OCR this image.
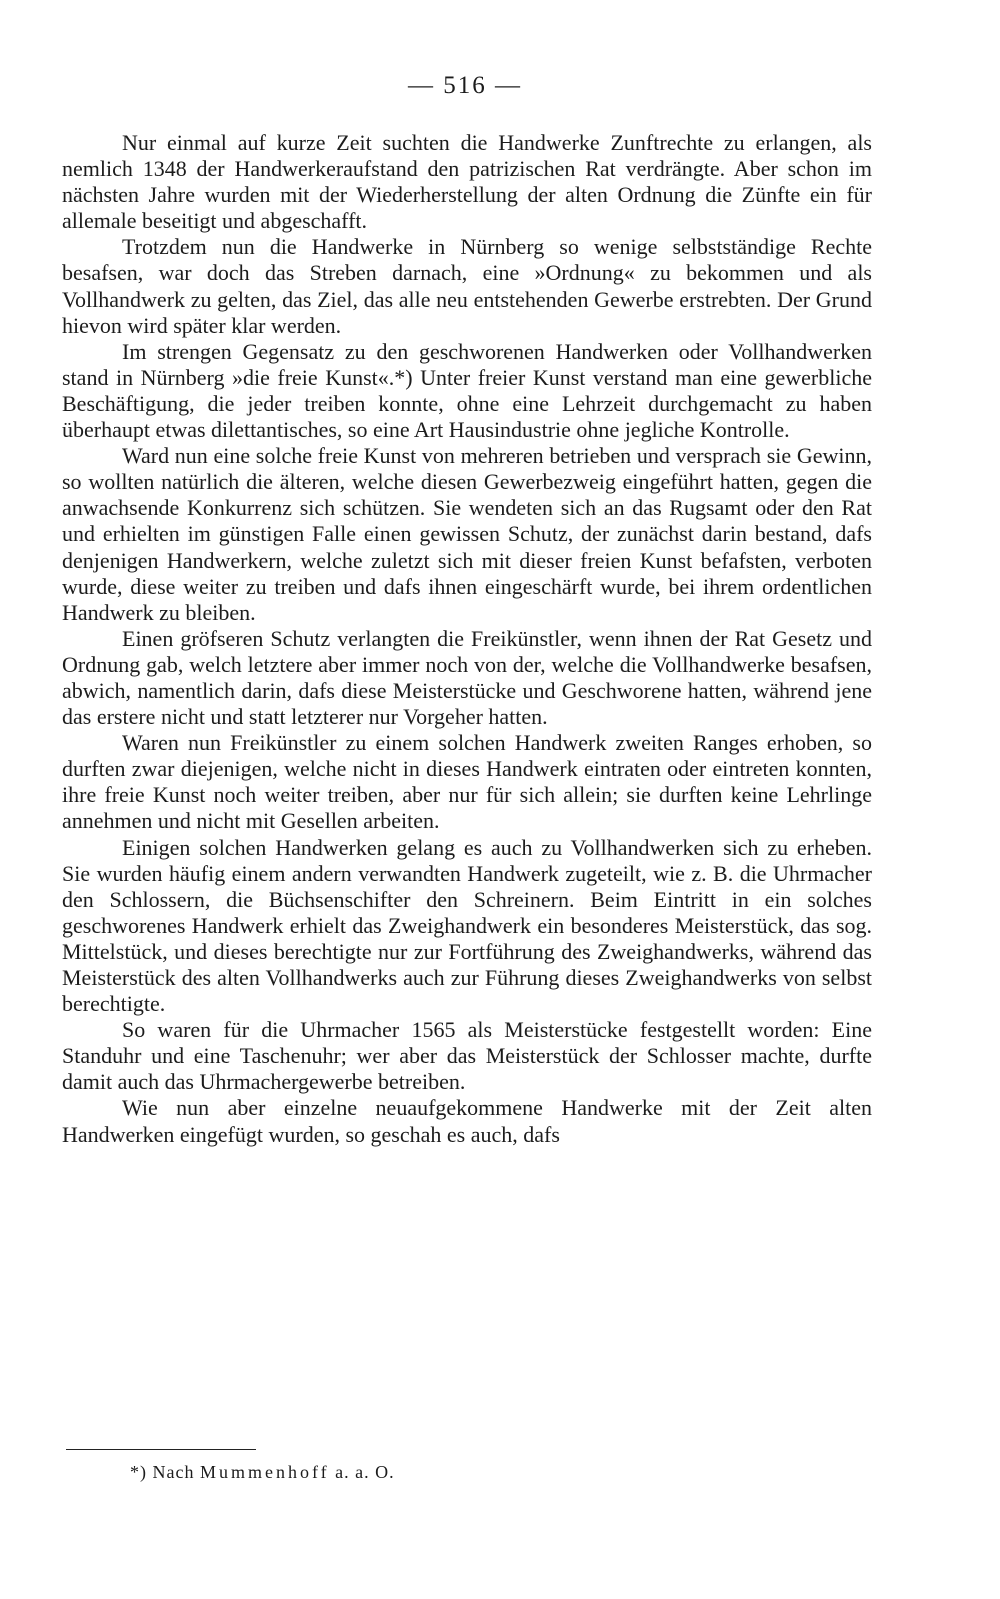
— 516 —

Nur einmal auf kurze Zeit suchten die Handwerke Zunftrechte zu erlangen, als nemlich 1348 der Handwerkeraufstand den patrizischen Rat verdrängte. Aber schon im nächsten Jahre wurden mit der Wiederherstellung der alten Ordnung die Zünfte ein für allemale beseitigt und abgeschafft.

Trotzdem nun die Handwerke in Nürnberg so wenige selbstständige Rechte besafsen, war doch das Streben darnach, eine »Ordnung« zu bekommen und als Vollhandwerk zu gelten, das Ziel, das alle neu entstehenden Gewerbe erstrebten. Der Grund hievon wird später klar werden.

Im strengen Gegensatz zu den geschworenen Handwerken oder Vollhandwerken stand in Nürnberg »die freie Kunst«.*) Unter freier Kunst verstand man eine gewerbliche Beschäftigung, die jeder treiben konnte, ohne eine Lehrzeit durchgemacht zu haben überhaupt etwas dilettantisches, so eine Art Hausindustrie ohne jegliche Kontrolle.

Ward nun eine solche freie Kunst von mehreren betrieben und versprach sie Gewinn, so wollten natürlich die älteren, welche diesen Gewerbezweig eingeführt hatten, gegen die anwachsende Konkurrenz sich schützen. Sie wendeten sich an das Rugsamt oder den Rat und erhielten im günstigen Falle einen gewissen Schutz, der zunächst darin bestand, dafs denjenigen Handwerkern, welche zuletzt sich mit dieser freien Kunst befafsten, verboten wurde, diese weiter zu treiben und dafs ihnen eingeschärft wurde, bei ihrem ordentlichen Handwerk zu bleiben.

Einen gröfseren Schutz verlangten die Freikünstler, wenn ihnen der Rat Gesetz und Ordnung gab, welch letztere aber immer noch von der, welche die Vollhandwerke besafsen, abwich, namentlich darin, dafs diese Meisterstücke und Geschworene hatten, während jene das erstere nicht und statt letzterer nur Vorgeher hatten.

Waren nun Freikünstler zu einem solchen Handwerk zweiten Ranges erhoben, so durften zwar diejenigen, welche nicht in dieses Handwerk eintraten oder eintreten konnten, ihre freie Kunst noch weiter treiben, aber nur für sich allein; sie durften keine Lehrlinge annehmen und nicht mit Gesellen arbeiten.

Einigen solchen Handwerken gelang es auch zu Vollhandwerken sich zu erheben. Sie wurden häufig einem andern verwandten Handwerk zugeteilt, wie z. B. die Uhrmacher den Schlossern, die Büchsenschifter den Schreinern. Beim Eintritt in ein solches geschworenes Handwerk erhielt das Zweighandwerk ein besonderes Meisterstück, das sog. Mittelstück, und dieses berechtigte nur zur Fortführung des Zweighandwerks, während das Meisterstück des alten Vollhandwerks auch zur Führung dieses Zweighandwerks von selbst berechtigte.

So waren für die Uhrmacher 1565 als Meisterstücke festgestellt worden: Eine Standuhr und eine Taschenuhr; wer aber das Meisterstück der Schlosser machte, durfte damit auch das Uhrmachergewerbe betreiben.

Wie nun aber einzelne neuaufgekommene Handwerke mit der Zeit alten Handwerken eingefügt wurden, so geschah es auch, dafs

*) Nach Mummenhoff a. a. O.
